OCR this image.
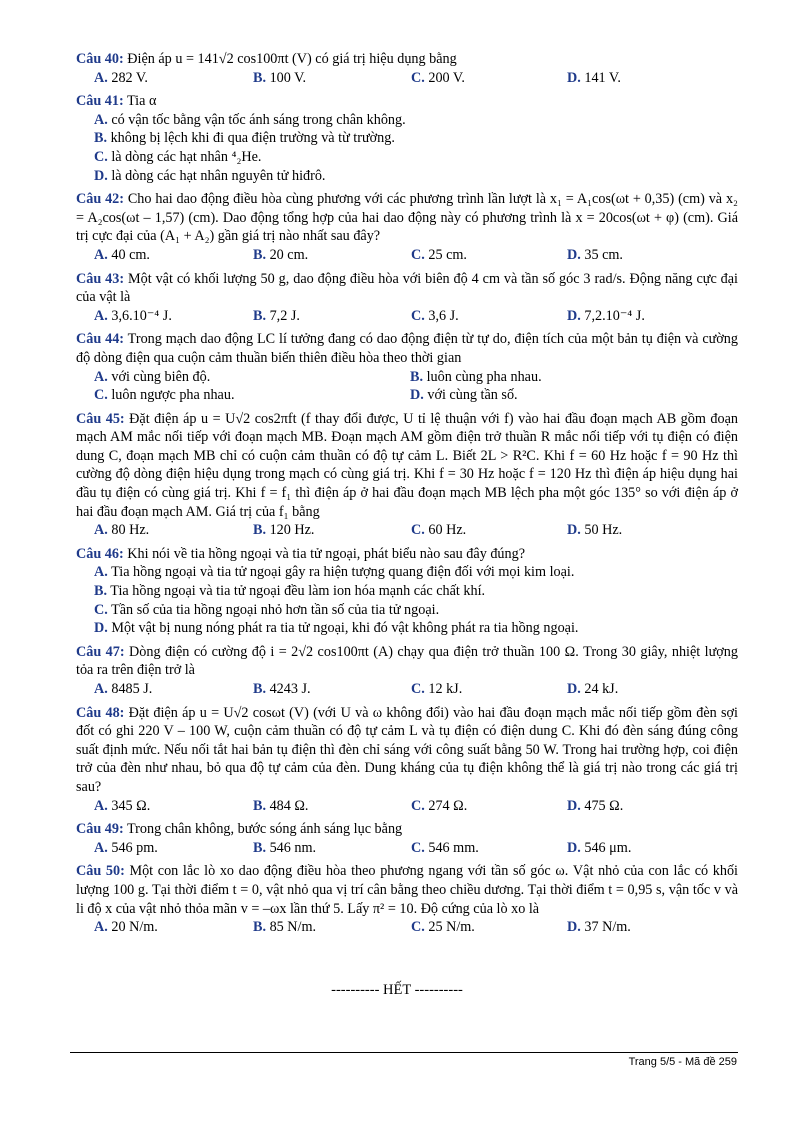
Câu 40: Điện áp u = 141√2 cos100πt (V) có giá trị hiệu dụng bằng
A. 282 V.	B. 100 V.	C. 200 V.	D. 141 V.
Câu 41: Tia α
A. có vận tốc bằng vận tốc ánh sáng trong chân không.
B. không bị lệch khi đi qua điện trường và từ trường.
C. là dòng các hạt nhân ⁴₂He.
D. là dòng các hạt nhân nguyên tử hiđrô.
Câu 42: Cho hai dao động điều hòa cùng phương với các phương trình lần lượt là x₁ = A₁cos(ωt + 0,35) (cm) và x₂ = A₂cos(ωt – 1,57) (cm). Dao động tổng hợp của hai dao động này có phương trình là x = 20cos(ωt + φ) (cm). Giá trị cực đại của (A₁ + A₂) gần giá trị nào nhất sau đây?
A. 40 cm.	B. 20 cm.	C. 25 cm.	D. 35 cm.
Câu 43: Một vật có khối lượng 50 g, dao động điều hòa với biên độ 4 cm và tần số góc 3 rad/s. Động năng cực đại của vật là
A. 3,6.10⁻⁴ J.	B. 7,2 J.	C. 3,6 J.	D. 7,2.10⁻⁴ J.
Câu 44: Trong mạch dao động LC lí tưởng đang có dao động điện từ tự do, điện tích của một bản tụ điện và cường độ dòng điện qua cuộn cảm thuần biến thiên điều hòa theo thời gian
A. với cùng biên độ.	B. luôn cùng pha nhau.
C. luôn ngược pha nhau.	D. với cùng tần số.
Câu 45: Đặt điện áp u = U√2 cos2πft (f thay đổi được, U tỉ lệ thuận với f) vào hai đầu đoạn mạch AB gồm đoạn mạch AM mắc nối tiếp với đoạn mạch MB. Đoạn mạch AM gồm điện trở thuần R mắc nối tiếp với tụ điện có điện dung C, đoạn mạch MB chỉ có cuộn cảm thuần có độ tự cảm L. Biết 2L > R²C. Khi f = 60 Hz hoặc f = 90 Hz thì cường độ dòng điện hiệu dụng trong mạch có cùng giá trị. Khi f = 30 Hz hoặc f = 120 Hz thì điện áp hiệu dụng hai đầu tụ điện có cùng giá trị. Khi f = f₁ thì điện áp ở hai đầu đoạn mạch MB lệch pha một góc 135° so với điện áp ở hai đầu đoạn mạch AM. Giá trị của f₁ bằng
A. 80 Hz.	B. 120 Hz.	C. 60 Hz.	D. 50 Hz.
Câu 46: Khi nói về tia hồng ngoại và tia tử ngoại, phát biểu nào sau đây đúng?
A. Tia hồng ngoại và tia tử ngoại gây ra hiện tượng quang điện đối với mọi kim loại.
B. Tia hồng ngoại và tia tử ngoại đều làm ion hóa mạnh các chất khí.
C. Tần số của tia hồng ngoại nhỏ hơn tần số của tia tử ngoại.
D. Một vật bị nung nóng phát ra tia tử ngoại, khi đó vật không phát ra tia hồng ngoại.
Câu 47: Dòng điện có cường độ i = 2√2 cos100πt (A) chạy qua điện trở thuần 100 Ω. Trong 30 giây, nhiệt lượng tỏa ra trên điện trở là
A. 8485 J.	B. 4243 J.	C. 12 kJ.	D. 24 kJ.
Câu 48: Đặt điện áp u = U√2 cosωt (V) (với U và ω không đổi) vào hai đầu đoạn mạch mắc nối tiếp gồm đèn sợi đốt có ghi 220 V – 100 W, cuộn cảm thuần có độ tự cảm L và tụ điện có điện dung C. Khi đó đèn sáng đúng công suất định mức. Nếu nối tắt hai bản tụ điện thì đèn chỉ sáng với công suất bằng 50 W. Trong hai trường hợp, coi điện trở của đèn như nhau, bỏ qua độ tự cảm của đèn. Dung kháng của tụ điện không thể là giá trị nào trong các giá trị sau?
A. 345 Ω.	B. 484 Ω.	C. 274 Ω.	D. 475 Ω.
Câu 49: Trong chân không, bước sóng ánh sáng lục bằng
A. 546 pm.	B. 546 nm.	C. 546 mm.	D. 546 μm.
Câu 50: Một con lắc lò xo dao động điều hòa theo phương ngang với tần số góc ω. Vật nhỏ của con lắc có khối lượng 100 g. Tại thời điểm t = 0, vật nhỏ qua vị trí cân bằng theo chiều dương. Tại thời điểm t = 0,95 s, vận tốc v và li độ x của vật nhỏ thỏa mãn v = –ωx lần thứ 5. Lấy π² = 10. Độ cứng của lò xo là
A. 20 N/m.	B. 85 N/m.	C. 25 N/m.	D. 37 N/m.
---------- HẾT ----------
Trang 5/5 - Mã đề 259
